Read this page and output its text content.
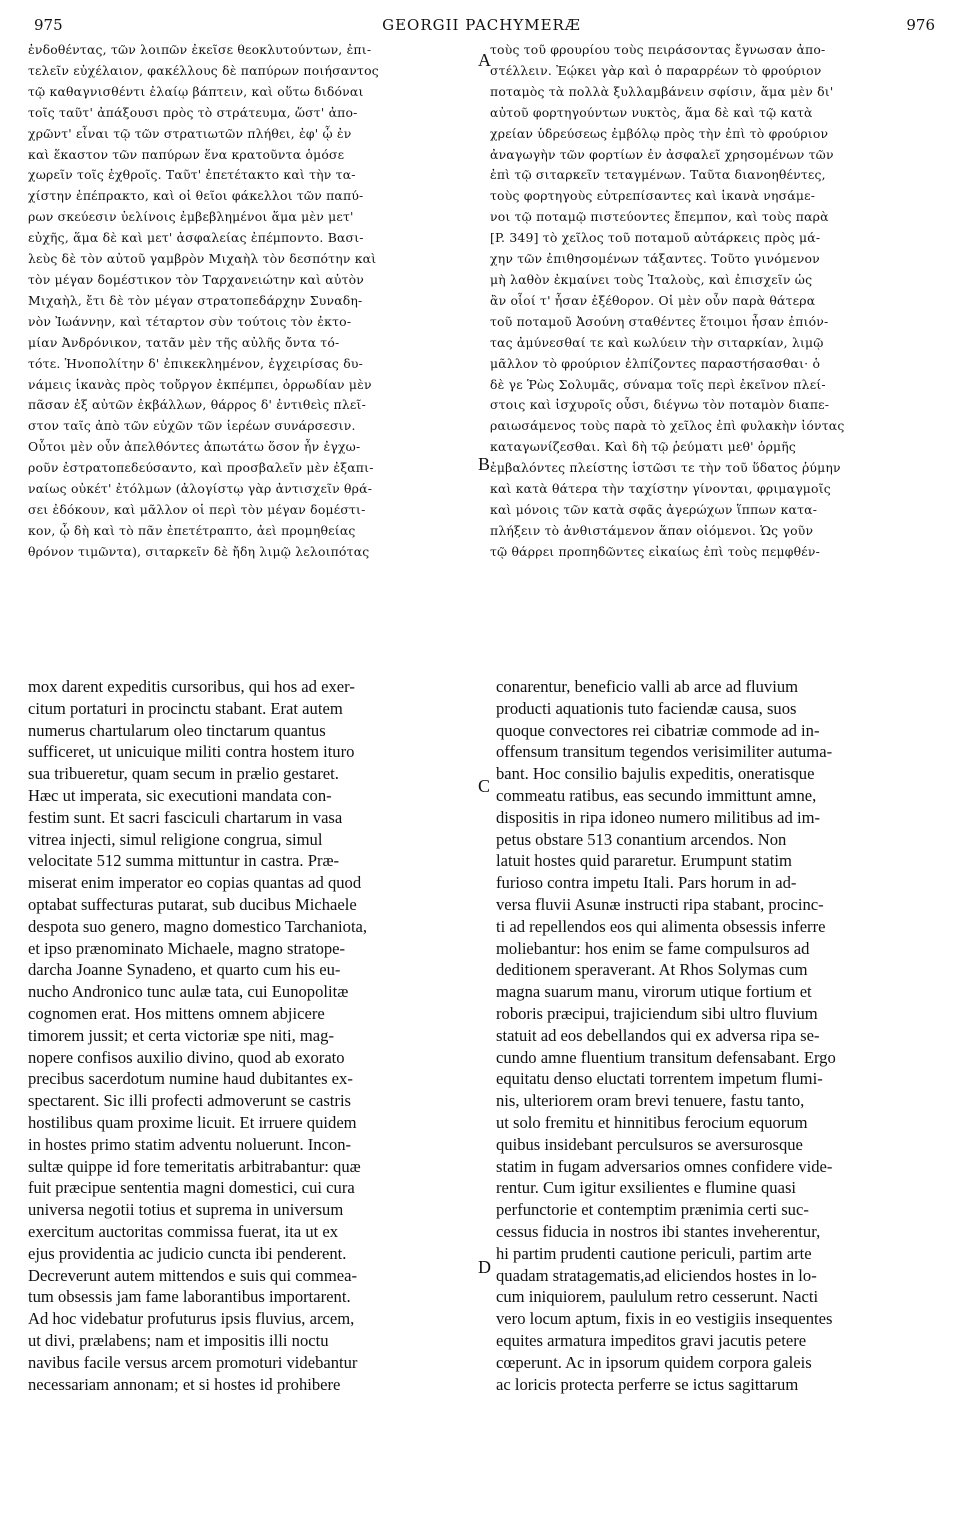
975	GEORGII PACHYMERÆ	976
ἐνδοθέντας, τῶν λοιπῶν ἐκεῖσε θεοκλυτούντων, ἐπι-
τελεῖν εὐχέλαιον, φακέλλους δὲ παπύρων ποιήσαντος
τῷ καθαγνισθέντι ἐλαίῳ βάπτειν, καὶ οὕτω διδόναι
τοῖς ταῦτ' ἀπάξουσι πρὸς τὸ στράτευμα, ὥστ' ἀπο-
χρῶντ' εἶναι τῷ τῶν στρατιωτῶν πλήθει, ἐφ' ᾧ ἐν
καὶ ἕκαστον τῶν παπύρων ἕνα κρατοῦντα ὁμόσε
χωρεῖν τοῖς ἐχθροῖς. Ταῦτ' ἐπετέτακτο καὶ τὴν τα-
χίστην ἐπέπρακτο, καὶ οἱ θεῖοι φάκελλοι τῶν παπύ-
ρων σκεύεσιν ὑελίνοις ἐμβεβλημένοι ἅμα μὲν μετ'
εὐχῆς, ἅμα δὲ καὶ μετ' ἀσφαλείας ἐπέμποντο. Βασι-
λεὺς δὲ τὸν αὐτοῦ γαμβρὸν Μιχαὴλ τὸν δεσπότην καὶ
τὸν μέγαν δομέστικον τὸν Ταρχανειώτην καὶ αὐτὸν
Μιχαὴλ, ἔτι δὲ τὸν μέγαν στρατοπεδάρχην Συναδη-
νὸν Ἰωάννην, καὶ τέταρτον σὺν τούτοις τὸν ἐκτο-
μίαν Ἀνδρόνικον, τατᾶν μὲν τῆς αὐλῆς ὄντα τό-
τότε. Ἡνοπολίτην δ' ἐπικεκλημένον, ἐγχειρίσας δυ-
νάμεις ἱκανὰς πρὸς τοὔργον ἐκπέμπει, ὀρρωδίαν μὲν
πᾶσαν ἐξ αὐτῶν ἐκβάλλων, θάρρος δ' ἐντιθεὶς πλεῖ-
στον ταῖς ἀπὸ τῶν εὐχῶν τῶν ἱερέων συνάρσεσιν.
Οὗτοι μὲν οὖν ἀπελθόντες ἀπωτάτω ὅσον ἦν ἐγχω-
ροῦν ἐστρατοπεδεύσαντο, καὶ προσβαλεῖν μὲν ἐξαπι-
ναίως οὐκέτ' ἐτόλμων (ἀλογίστῳ γὰρ ἀντισχεῖν θρά-
σει ἐδόκουν, καὶ μᾶλλον οἱ περὶ τὸν μέγαν δομέστι-
κον, ᾧ δὴ καὶ τὸ πᾶν ἐπετέτραπτο, ἀεὶ προμηθείας
θρόνον τιμῶντα), σιταρκεῖν δὲ ἤδη λιμῷ λελοιπότας
τοὺς τοῦ φρουρίου τοὺς πειράσοντας ἔγνωσαν ἀπο-
στέλλειν. Ἐῴκει γὰρ καὶ ὁ παραρρέων τὸ φρούριον
ποταμὸς τὰ πολλὰ ξυλλαμβάνειν σφίσιν, ἅμα μὲν δι'
αὐτοῦ φορτηγούντων νυκτὸς, ἅμα δὲ καὶ τῷ κατὰ
χρείαν ὑδρεύσεως ἐμβόλῳ πρὸς τὴν ἐπὶ τὸ φρούριον
ἀναγωγὴν τῶν φορτίων ἐν ἀσφαλεῖ χρησομένων τῶν
ἐπὶ τῷ σιταρκεῖν τεταγμένων. Ταῦτα διανοηθέντες,
τοὺς φορτηγοὺς εὐτρεπίσαντες καὶ ἱκανὰ νησάμε-
νοι τῷ ποταμῷ πιστεύοντες ἔπεμπον, καὶ τοὺς παρὰ
[P. 349] τὸ χεῖλος τοῦ ποταμοῦ αὐτάρκεις πρὸς μά-
χην τῶν ἐπιθησομένων τάξαντες. Τοῦτο γινόμενον
μὴ λαθὸν ἐκμαίνει τοὺς Ἰταλοὺς, καὶ ἐπισχεῖν ὡς
ἂν οἷοί τ' ἦσαν ἐξέθορον. Οἱ μὲν οὖν παρὰ θάτερα
τοῦ ποταμοῦ Ἀσούνη σταθέντες ἕτοιμοι ἦσαν ἐπιόν-
τας ἀμύνεσθαί τε καὶ κωλύειν τὴν σιταρκίαν, λιμῷ
μᾶλλον τὸ φρούριον ἐλπίζοντες παραστήσασθαι· ὁ
δὲ γε Ῥὼς Σολυμᾶς, σύναμα τοῖς περὶ ἐκεῖνον πλεί-
στοις καὶ ἰσχυροῖς οὖσι, διέγνω τὸν ποταμὸν διαπε-
ραιωσάμενος τοὺς παρὰ τὸ χεῖλος ἐπὶ φυλακὴν ἰόντας
καταγωνίζεσθαι. Καὶ δὴ τῷ ῥεύματι μεθ' ὁρμῆς
ἐμβαλόντες πλείστης ἱστῶσι τε τὴν τοῦ ὕδατος ῥύμην
καὶ κατὰ θάτερα τὴν ταχίστην γίνονται, φριμαγμοῖς
καὶ μόνοις τῶν κατὰ σφᾶς ἀγερώχων ἵππων κατα-
πλήξειν τὸ ἀνθιστάμενον ἅπαν οἰόμενοι. Ὡς γοῦν
τῷ θάρρει προπηδῶντες εἰκαίως ἐπὶ τοὺς πεμφθέν-
A
B
C
D
mox darent expeditis cursoribus, qui hos ad exer-
citum portaturi in procinctu stabant. Erat autem
numerus chartularum oleo tinctarum quantus
sufficeret, ut unicuique militi contra hostem iturо
sua tribueretur, quam secum in prælio gestaret.
Hæc ut imperata, sic executioni mandata con-
festim sunt. Et sacri fasciculi chartarum in vasa
vitrea injecti, simul religione congrua, simul
velocitate 512 summa mittuntur in castra. Præ-
miserat enim imperator eo copias quantas ad quod
optabat suffecturas putarat, sub ducibus Michaele
despota suo genero, magno domestico Tarchaniota,
et ipso prænominato Michaele, magno stratope-
darcha Joanne Synadeno, et quarto cum his eu-
nucho Andronico tunc aulæ tata, cui Eunopolitæ
cognomen erat. Hos mittens omnem abjicere
timorem jussit; et certa victoriæ spe niti, mag-
nopere confisos auxilio divino, quod ab exorato
precibus sacerdotum numine haud dubitantes ex-
spectarent. Sic illi profecti admoverunt se castris
hostilibus quam proxime licuit. Et irruere quidem
in hostes primo statim adventu noluerunt. Incon-
sultæ quippe id fore temeritatis arbitrabantur: quæ
fuit præcipue sententia magni domestici, cui cura
universa negotii totius et suprema in universum
exercitum auctoritas commissa fuerat, ita ut ex
ejus providentia ac judicio cuncta ibi penderent.
Decreverunt autem mittendos e suis qui commea-
tum obsessis jam fame laborantibus importarent.
Ad hoc videbatur profuturus ipsis fluvius, arcem,
ut divi, prælabens; nam et impositis illi noctu
navibus facile versus arcem promoturi videbantur
necessariam annonam; et si hostes id prohibere
conarentur, beneficio valli ab arce ad fluvium
producti aquationis tuto faciendæ causa, suos
quoque convectores rei cibatriæ commode ad in-
offensum transitum tegendos verisimiliter autuma-
bant. Hoc consilio bajulis expeditis, oneratisque
commeatu ratibus, eas secundo immittunt amne,
dispositis in ripa idoneo numero militibus ad im-
petus obstare 513 conantium arcendos. Non
latuit hostes quid pararetur. Erumpunt statim
furioso contra impetu Itali. Pars horum in ad-
versa fluvii Asunæ instructi ripa stabant, procinc-
ti ad repellendos eos qui alimenta obsessis inferre
moliebantur: hos enim se fame compulsuros ad
deditionem speraverant. At Rhos Solymas cum
magna suarum manu, virorum utique fortium et
roboris præcipui, trajiciendum sibi ultro fluvium
statuit ad eos debellandos qui ex adversa ripa se-
cundo amne fluentium transitum defensabant. Ergo
equitatu denso eluctati torrentem impetum flumi-
nis, ulteriorem oram brevi tenuere, fastu tanto,
ut solo fremitu et hinnitibus ferocium equorum
quibus insidebant perculsuros se aversurosque
statim in fugam adversarios omnes confidere vide-
rentur. Cum igitur exsilientes e flumine quasi
perfunctorie et contemptim prænimia certi suc-
cessus fiducia in nostros ibi stantes inveherentur,
hi partim prudenti cautione periculi, partim arte
quadam stratagematis,ad eliciendos hostes in lo-
cum iniquiorem, paululum retro cesserunt. Nacti
vero locum aptum, fixis in eo vestigiis insequentes
equites armatura impeditos gravi jacutis petere
cœperunt. Ac in ipsorum quidem corpora galeis
ac loricis protecta perferre se ictus sagittarum
